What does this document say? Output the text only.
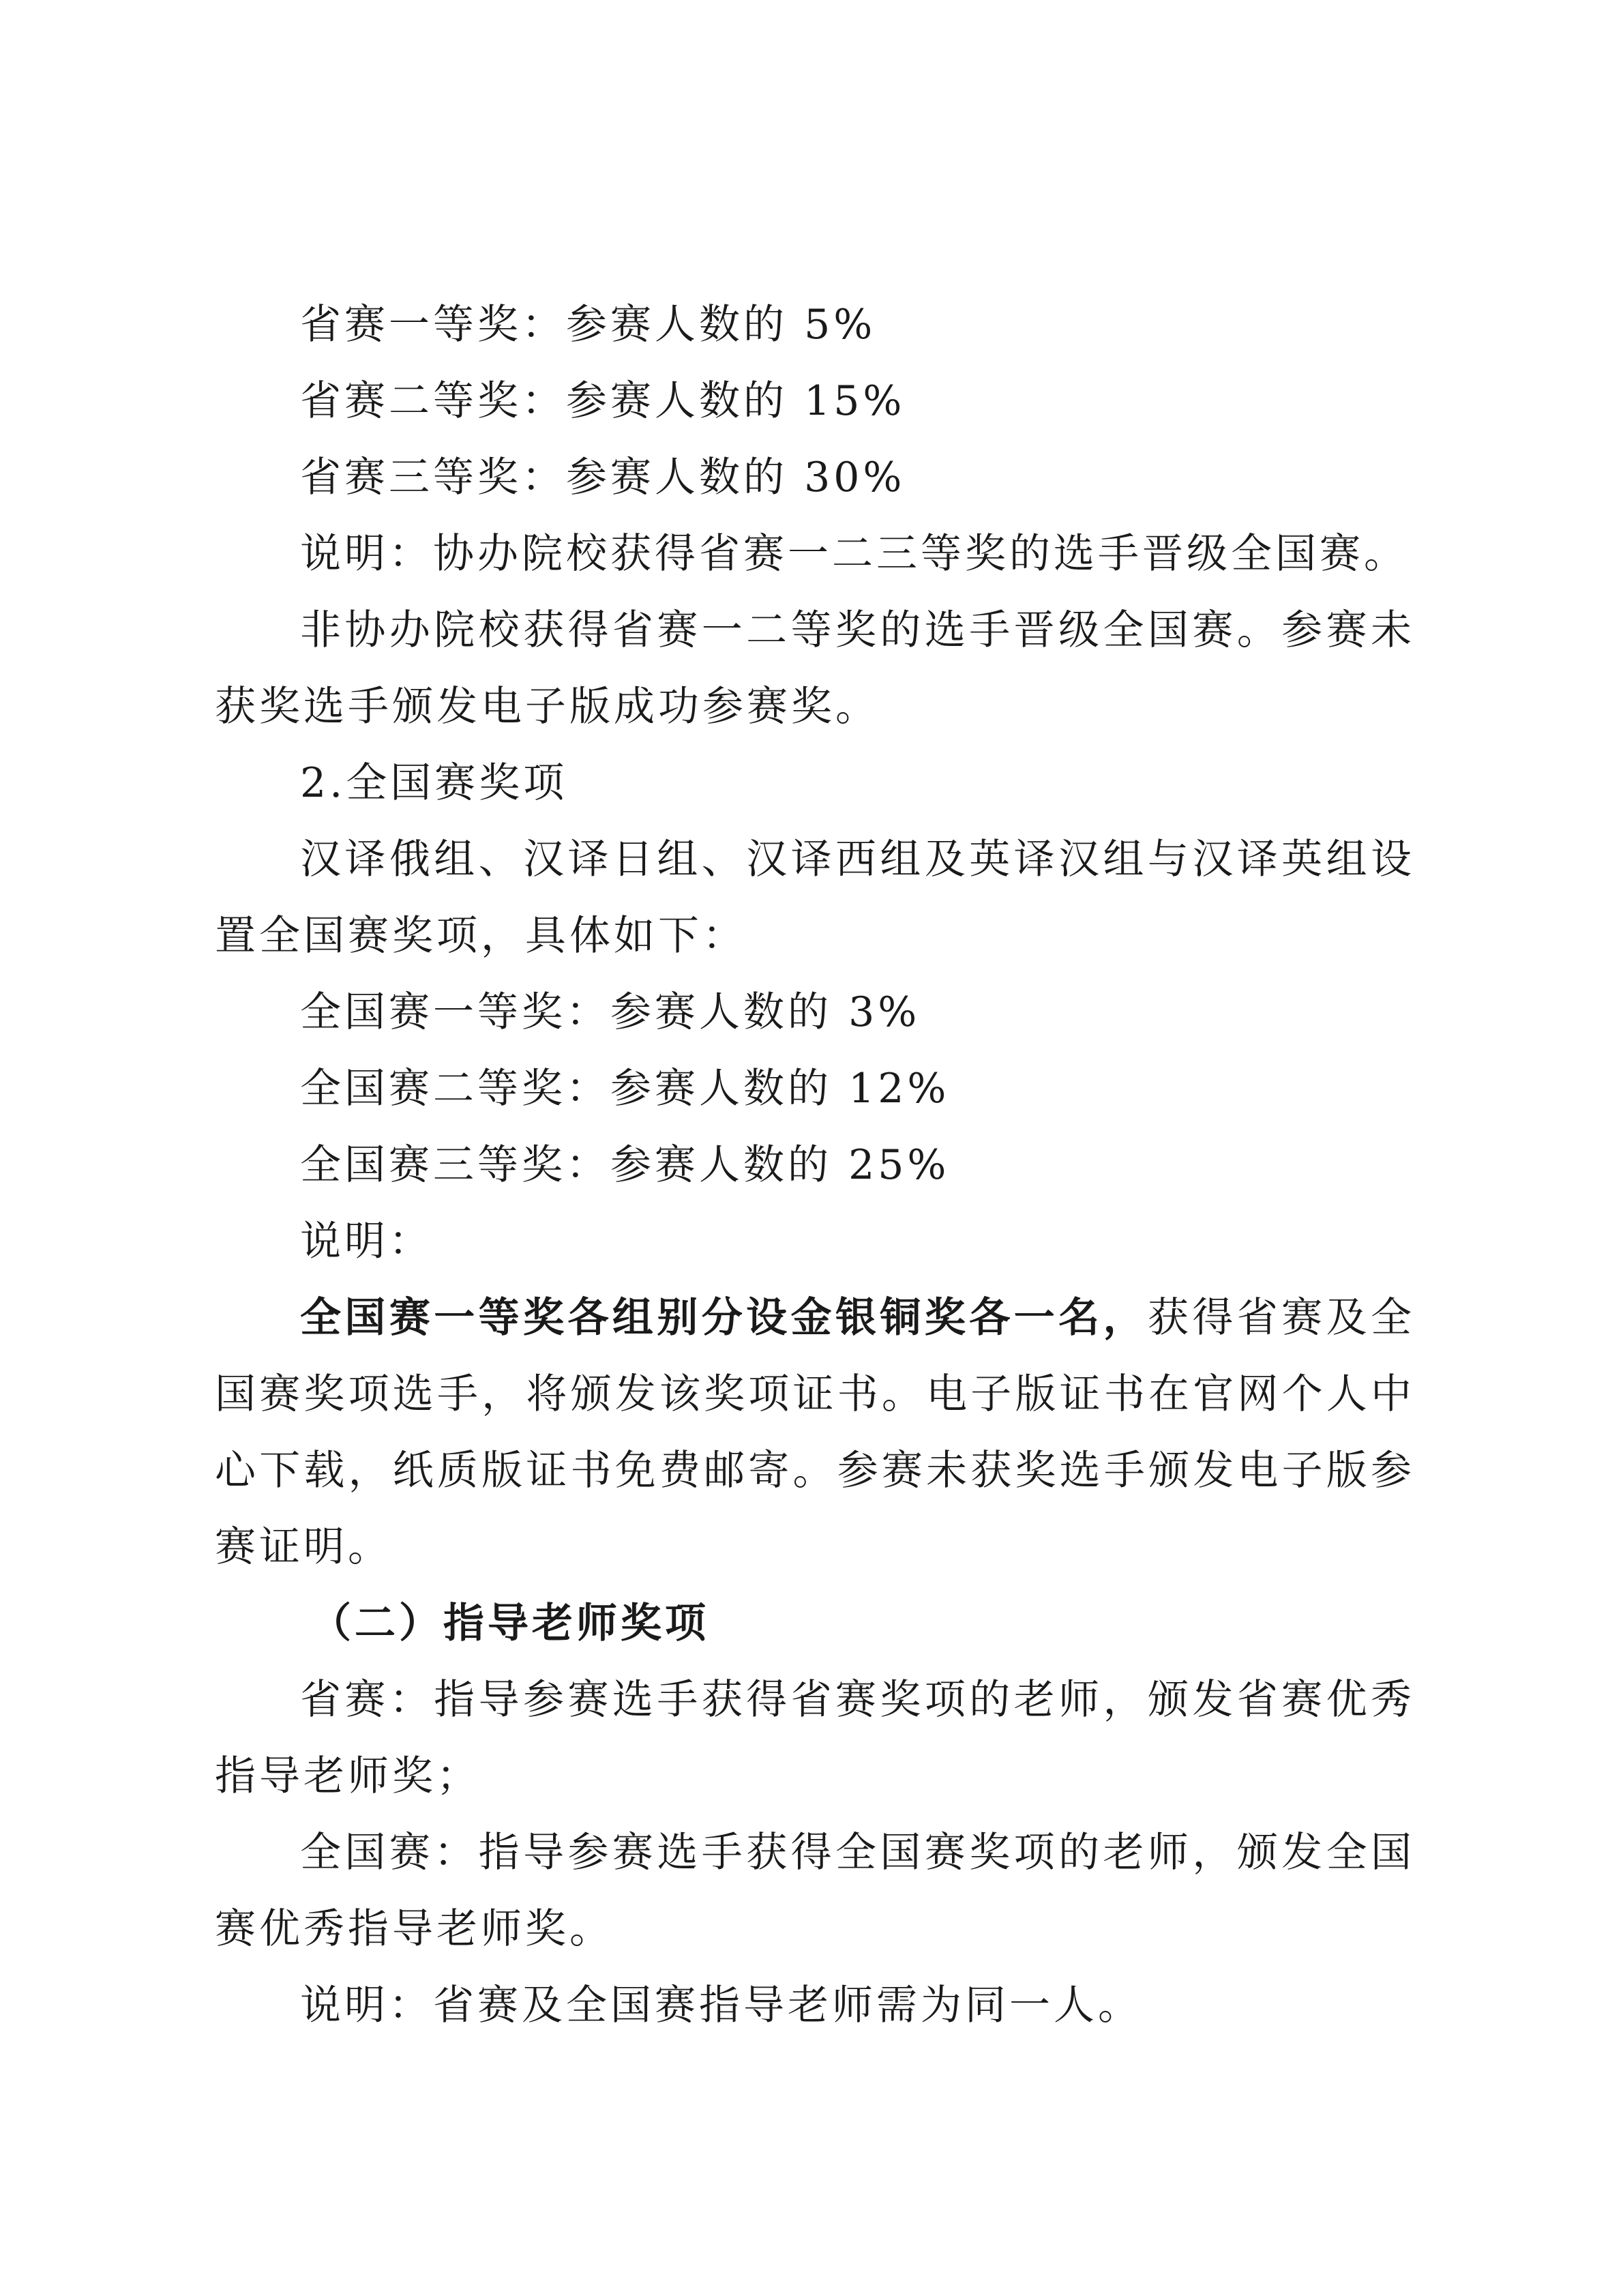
省赛一等奖：参赛人数的 5%

省赛二等奖：参赛人数的 15%

省赛三等奖：参赛人数的 30%

说明：协办院校获得省赛一二三等奖的选手晋级全国赛。

非协办院校获得省赛一二等奖的选手晋级全国赛。参赛未获奖选手颁发电子版成功参赛奖。

2.全国赛奖项

汉译俄组、汉译日组、汉译西组及英译汉组与汉译英组设置全国赛奖项，具体如下：

全国赛一等奖：参赛人数的 3%

全国赛二等奖：参赛人数的 12%

全国赛三等奖：参赛人数的 25%

说明：

全国赛一等奖各组别分设金银铜奖各一名，获得省赛及全国赛奖项选手，将颁发该奖项证书。电子版证书在官网个人中心下载，纸质版证书免费邮寄。参赛未获奖选手颁发电子版参赛证明。

（二）指导老师奖项

省赛：指导参赛选手获得省赛奖项的老师，颁发省赛优秀指导老师奖；

全国赛：指导参赛选手获得全国赛奖项的老师，颁发全国赛优秀指导老师奖。

说明：省赛及全国赛指导老师需为同一人。
